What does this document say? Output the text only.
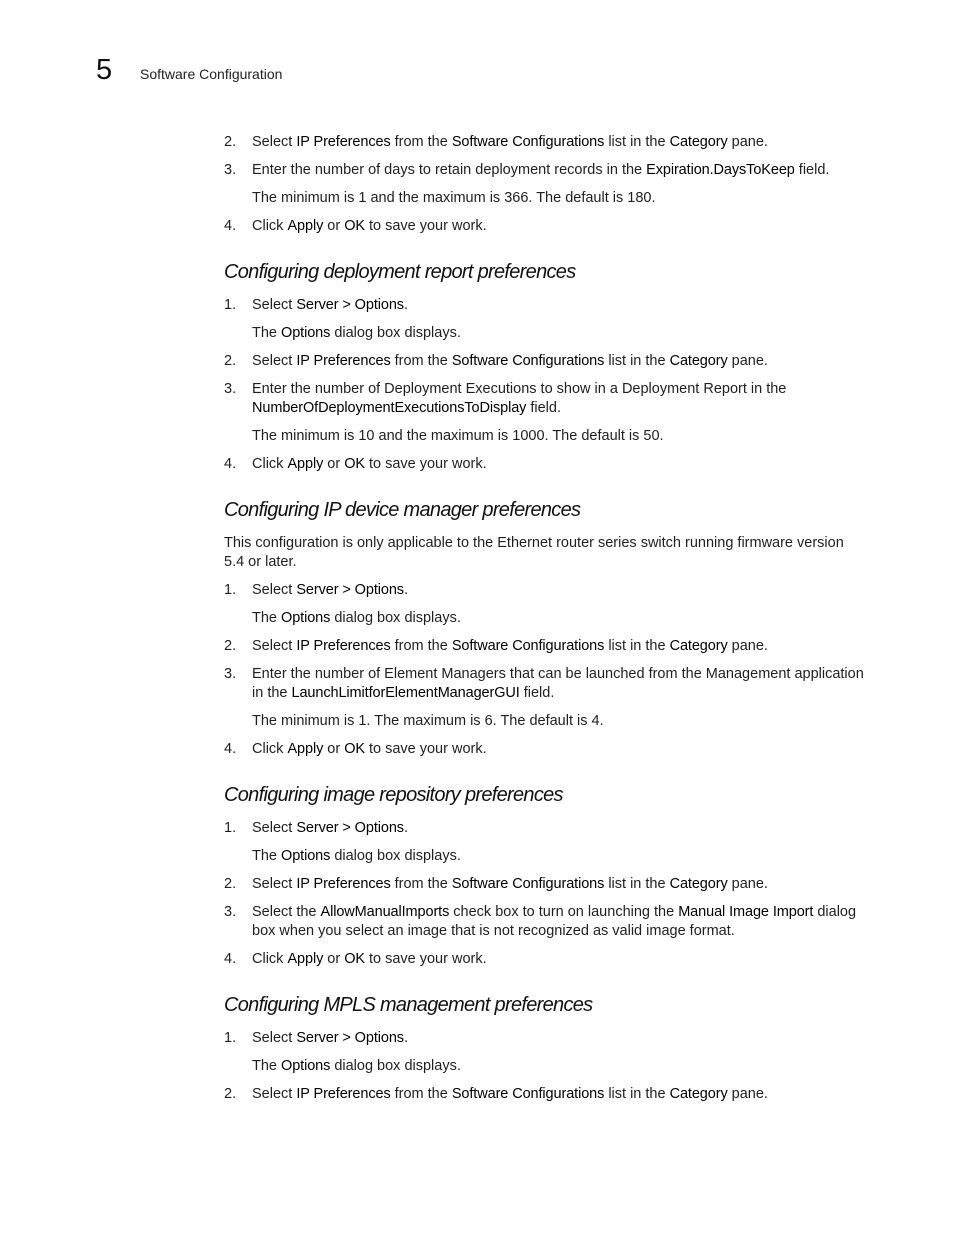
5 Software Configuration
2. Select IP Preferences from the Software Configurations list in the Category pane.
3. Enter the number of days to retain deployment records in the Expiration.DaysToKeep field.
The minimum is 1 and the maximum is 366. The default is 180.
4. Click Apply or OK to save your work.
Configuring deployment report preferences
1. Select Server > Options.
The Options dialog box displays.
2. Select IP Preferences from the Software Configurations list in the Category pane.
3. Enter the number of Deployment Executions to show in a Deployment Report in the NumberOfDeploymentExecutionsToDisplay field.
The minimum is 10 and the maximum is 1000. The default is 50.
4. Click Apply or OK to save your work.
Configuring IP device manager preferences
This configuration is only applicable to the Ethernet router series switch running firmware version 5.4 or later.
1. Select Server > Options.
The Options dialog box displays.
2. Select IP Preferences from the Software Configurations list in the Category pane.
3. Enter the number of Element Managers that can be launched from the Management application in the LaunchLimitforElementManagerGUI field.
The minimum is 1. The maximum is 6. The default is 4.
4. Click Apply or OK to save your work.
Configuring image repository preferences
1. Select Server > Options.
The Options dialog box displays.
2. Select IP Preferences from the Software Configurations list in the Category pane.
3. Select the AllowManualImports check box to turn on launching the Manual Image Import dialog box when you select an image that is not recognized as valid image format.
4. Click Apply or OK to save your work.
Configuring MPLS management preferences
1. Select Server > Options.
The Options dialog box displays.
2. Select IP Preferences from the Software Configurations list in the Category pane.
